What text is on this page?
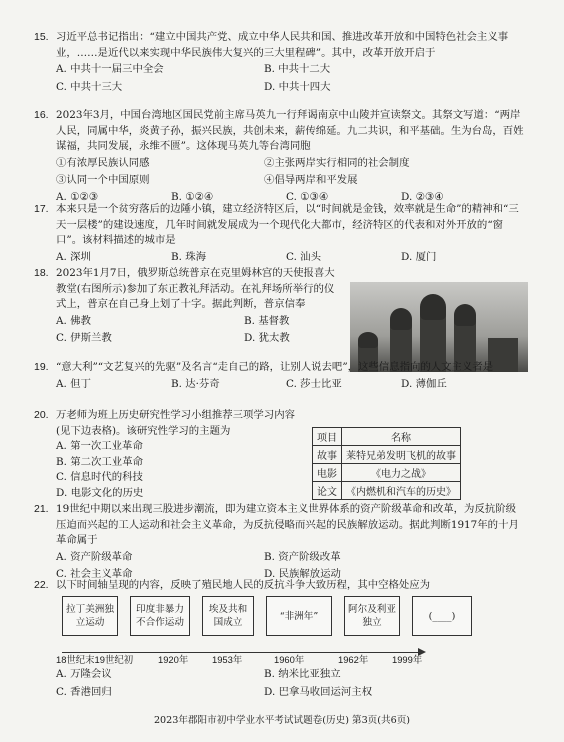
15. 习近平总书记指出：“建立中国共产党、成立中华人民共和国、推进改革开放和中国特色社会主义事业，……是近代以来实现中华民族伟大复兴的三大里程碑”。其中，改革开放开启于
A. 中共十一届三中全会	B. 中共十二大
C. 中共十三大	D. 中共十四大
16. 2023年3月，中国台湾地区国民党前主席马英九一行拜谒南京中山陵并宣读祭文。其祭文写道：“两岸人民，同属中华，炎黄子孙，振兴民族，共创未来，薪传绵延。九二共识，和平基础。生为台岛，百姓谋福，共同发展，永维不匮”。这体现马英九等台湾同胞
①有浓厚民族认同感	②主张两岸实行相同的社会制度
③认同一个中国原则	④倡导两岸和平发展
A. ①②③	B. ①②④	C. ①③④	D. ②③④
17. 本来只是一个贫穷落后的边陲小镇，建立经济特区后，以“时间就是金钱，效率就是生命”的精神和“三天一层楼”的建设速度，几年时间就发展成为一个现代化大都市，经济特区的代表和对外开放的“窗口”。该材料描述的城市是
A. 深圳	B. 珠海	C. 汕头	D. 厦门
18. 2023年1月7日，俄罗斯总统普京在克里姆林宫的天使报喜大教堂(右图所示)参加了东正教礼拜活动。在礼拜场所举行的仪式上，普京在自己身上划了十字。据此判断，普京信奉
A. 佛教	B. 基督教
C. 伊斯兰教	D. 犹太教
19. “意大利”“文艺复兴的先驱”及名言“走自己的路，让别人说去吧”，这些信息指向的人文主义者是
A. 但丁	B. 达·芬奇	C. 莎士比亚	D. 薄伽丘
20. 万老师为班上历史研究性学习小组推荐三项学习内容(见下边表格)。该研究性学习的主题为
A. 第一次工业革命
B. 第二次工业革命
C. 信息时代的科技
D. 电影文化的历史
项目	名称
故事	莱特兄弟发明飞机的故事
电影	《电力之战》
论文	《内燃机和汽车的历史》
21. 19世纪中期以来出现三股进步潮流，即为建立资本主义世界体系的资产阶级革命和改革，为反抗阶级压迫而兴起的工人运动和社会主义革命，为反抗侵略而兴起的民族解放运动。据此判断1917年的十月革命属于
A. 资产阶级革命	B. 资产阶级改革
C. 社会主义革命	D. 民族解放运动
22. 以下时间轴呈现的内容，反映了殖民地人民的反抗斗争大致历程，其中空格处应为
拉丁美洲独立运动
印度非暴力不合作运动
埃及共和国成立
“非洲年”
阿尔及利亚独立
(____)
18世纪末19世纪初	1920年	1953年	1960年	1962年	1999年
A. 万隆会议	B. 纳米比亚独立
C. 香港回归	D. 巴拿马收回运河主权
2023年郡阳市初中学业水平考试试题卷(历史) 第3页(共6页)
